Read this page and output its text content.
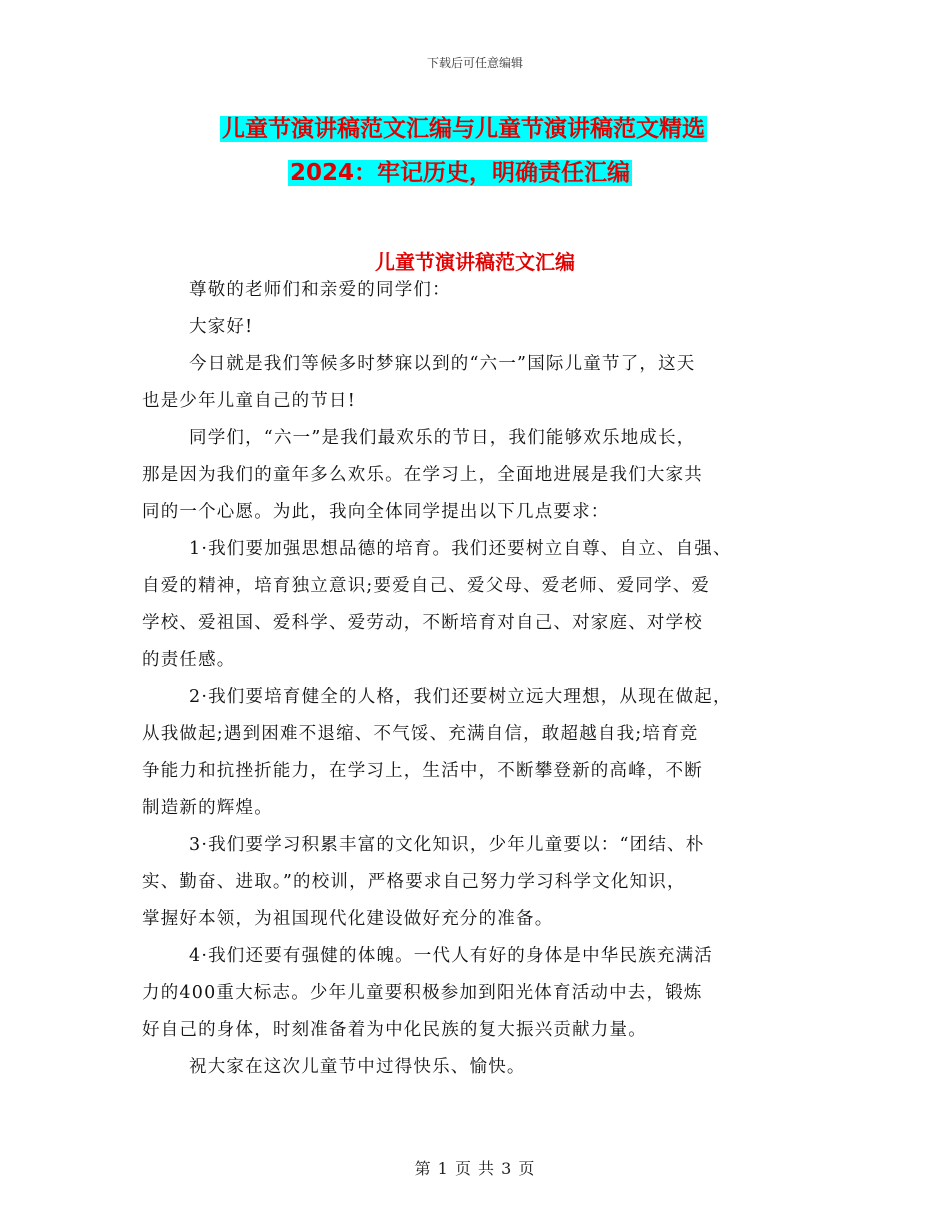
下载后可任意编辑
儿童节演讲稿范文汇编与儿童节演讲稿范文精选
2024：牢记历史，明确责任汇编
儿童节演讲稿范文汇编
尊敬的老师们和亲爱的同学们：
大家好!
今日就是我们等候多时梦寐以到的“六一”国际儿童节了，这天
也是少年儿童自己的节日!
同学们，“六一”是我们最欢乐的节日，我们能够欢乐地成长，
那是因为我们的童年多么欢乐。在学习上，全面地进展是我们大家共
同的一个心愿。为此，我向全体同学提出以下几点要求：
1·我们要加强思想品德的培育。我们还要树立自尊、自立、自强、
自爱的精神，培育独立意识;要爱自己、爱父母、爱老师、爱同学、爱
学校、爱祖国、爱科学、爱劳动，不断培育对自己、对家庭、对学校
的责任感。
2·我们要培育健全的人格，我们还要树立远大理想，从现在做起，
从我做起;遇到困难不退缩、不气馁、充满自信，敢超越自我;培育竞
争能力和抗挫折能力，在学习上，生活中，不断攀登新的高峰，不断
制造新的辉煌。
3·我们要学习积累丰富的文化知识，少年儿童要以：“团结、朴
实、勤奋、进取。”的校训，严格要求自己努力学习科学文化知识，
掌握好本领，为祖国现代化建设做好充分的准备。
4·我们还要有强健的体魄。一代人有好的身体是中华民族充满活
力的400重大标志。少年儿童要积极参加到阳光体育活动中去，锻炼
好自己的身体，时刻准备着为中化民族的复大振兴贡献力量。
祝大家在这次儿童节中过得快乐、愉快。
第 1 页 共 3 页
